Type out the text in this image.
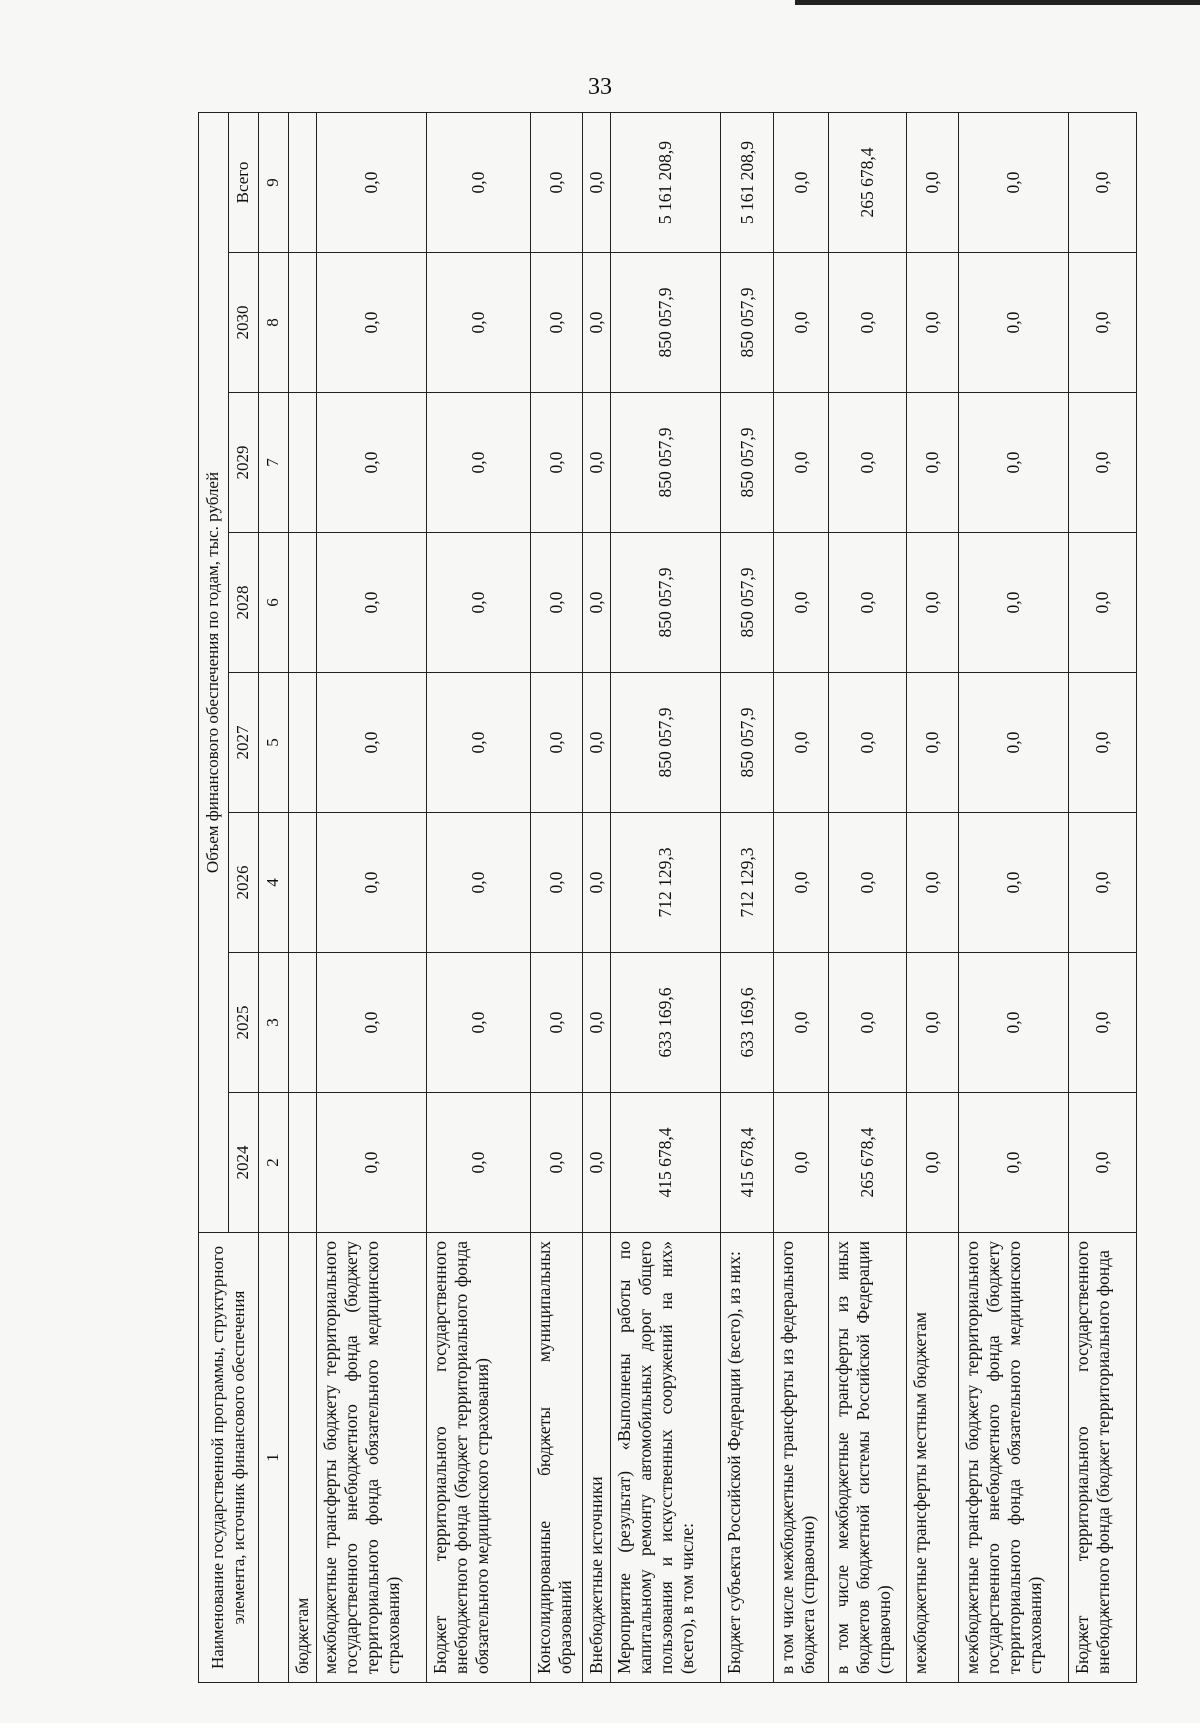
33
Наименование государственной программы, структурного элемента, источник финансового обеспечения	Объем финансового обеспечения по годам, тыс. рублей							
	2024	2025	2026	2027	2028	2029	2030	Всего
1	2	3	4	5	6	7	8	9
бюджетам								
межбюджетные трансферты бюджету территориального государственного внебюджетного фонда (бюджету территориального фонда обязательного медицинского страхования)	0,0	0,0	0,0	0,0	0,0	0,0	0,0	0,0
Бюджет территориального государственного внебюджетного фонда (бюджет территориального фонда обязательного медицинского страхования)	0,0	0,0	0,0	0,0	0,0	0,0	0,0	0,0
Консолидированные бюджеты муниципальных образований	0,0	0,0	0,0	0,0	0,0	0,0	0,0	0,0
Внебюджетные источники	0,0	0,0	0,0	0,0	0,0	0,0	0,0	0,0
Мероприятие (результат) «Выполнены работы по капитальному ремонту автомобильных дорог общего пользования и искусственных сооружений на них» (всего), в том числе:	415 678,4	633 169,6	712 129,3	850 057,9	850 057,9	850 057,9	850 057,9	5 161 208,9
Бюджет субъекта Российской Федерации (всего), из них:	415 678,4	633 169,6	712 129,3	850 057,9	850 057,9	850 057,9	850 057,9	5 161 208,9
в том числе межбюджетные трансферты из федерального бюджета (справочно)	0,0	0,0	0,0	0,0	0,0	0,0	0,0	0,0
в том числе межбюджетные трансферты из иных бюджетов бюджетной системы Российской Федерации (справочно)	265 678,4	0,0	0,0	0,0	0,0	0,0	0,0	265 678,4
межбюджетные трансферты местным бюджетам	0,0	0,0	0,0	0,0	0,0	0,0	0,0	0,0
межбюджетные трансферты бюджету территориального государственного внебюджетного фонда (бюджету территориального фонда обязательного медицинского страхования)	0,0	0,0	0,0	0,0	0,0	0,0	0,0	0,0
Бюджет территориального государственного внебюджетного фонда (бюджет территориального фонда	0,0	0,0	0,0	0,0	0,0	0,0	0,0	0,0
